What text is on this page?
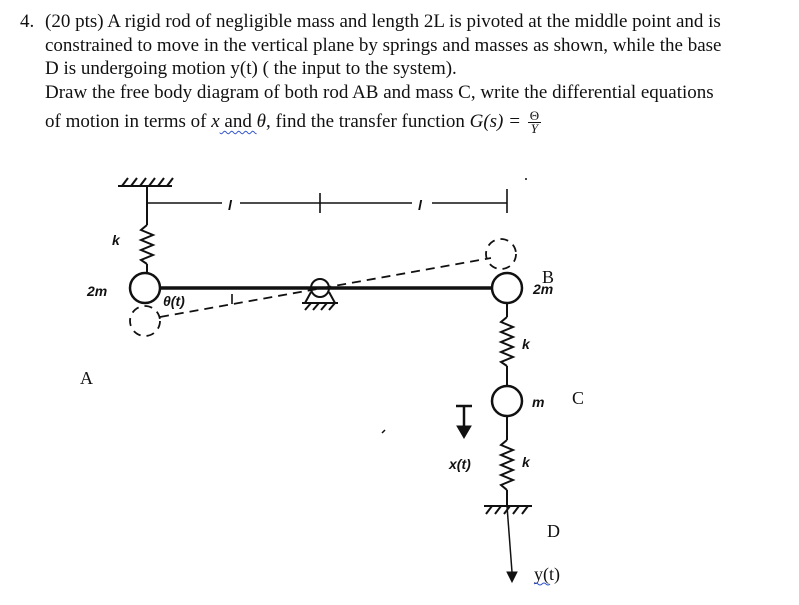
4. (20 pts) A rigid rod of negligible mass and length 2L is pivoted at the middle point and is
constrained to move in the vertical plane by springs and masses as shown, while the base
D is undergoing motion y(t) ( the input to the system).
Draw the free body diagram of both rod AB and mass C, write the differential equations
of motion in terms of x and θ, find the transfer function $G(s) = \frac{\Theta}{Y}$
l	l
k
θ(t)
2m
A
B
2m
k
m C
x(t)	k
D
y(t)
